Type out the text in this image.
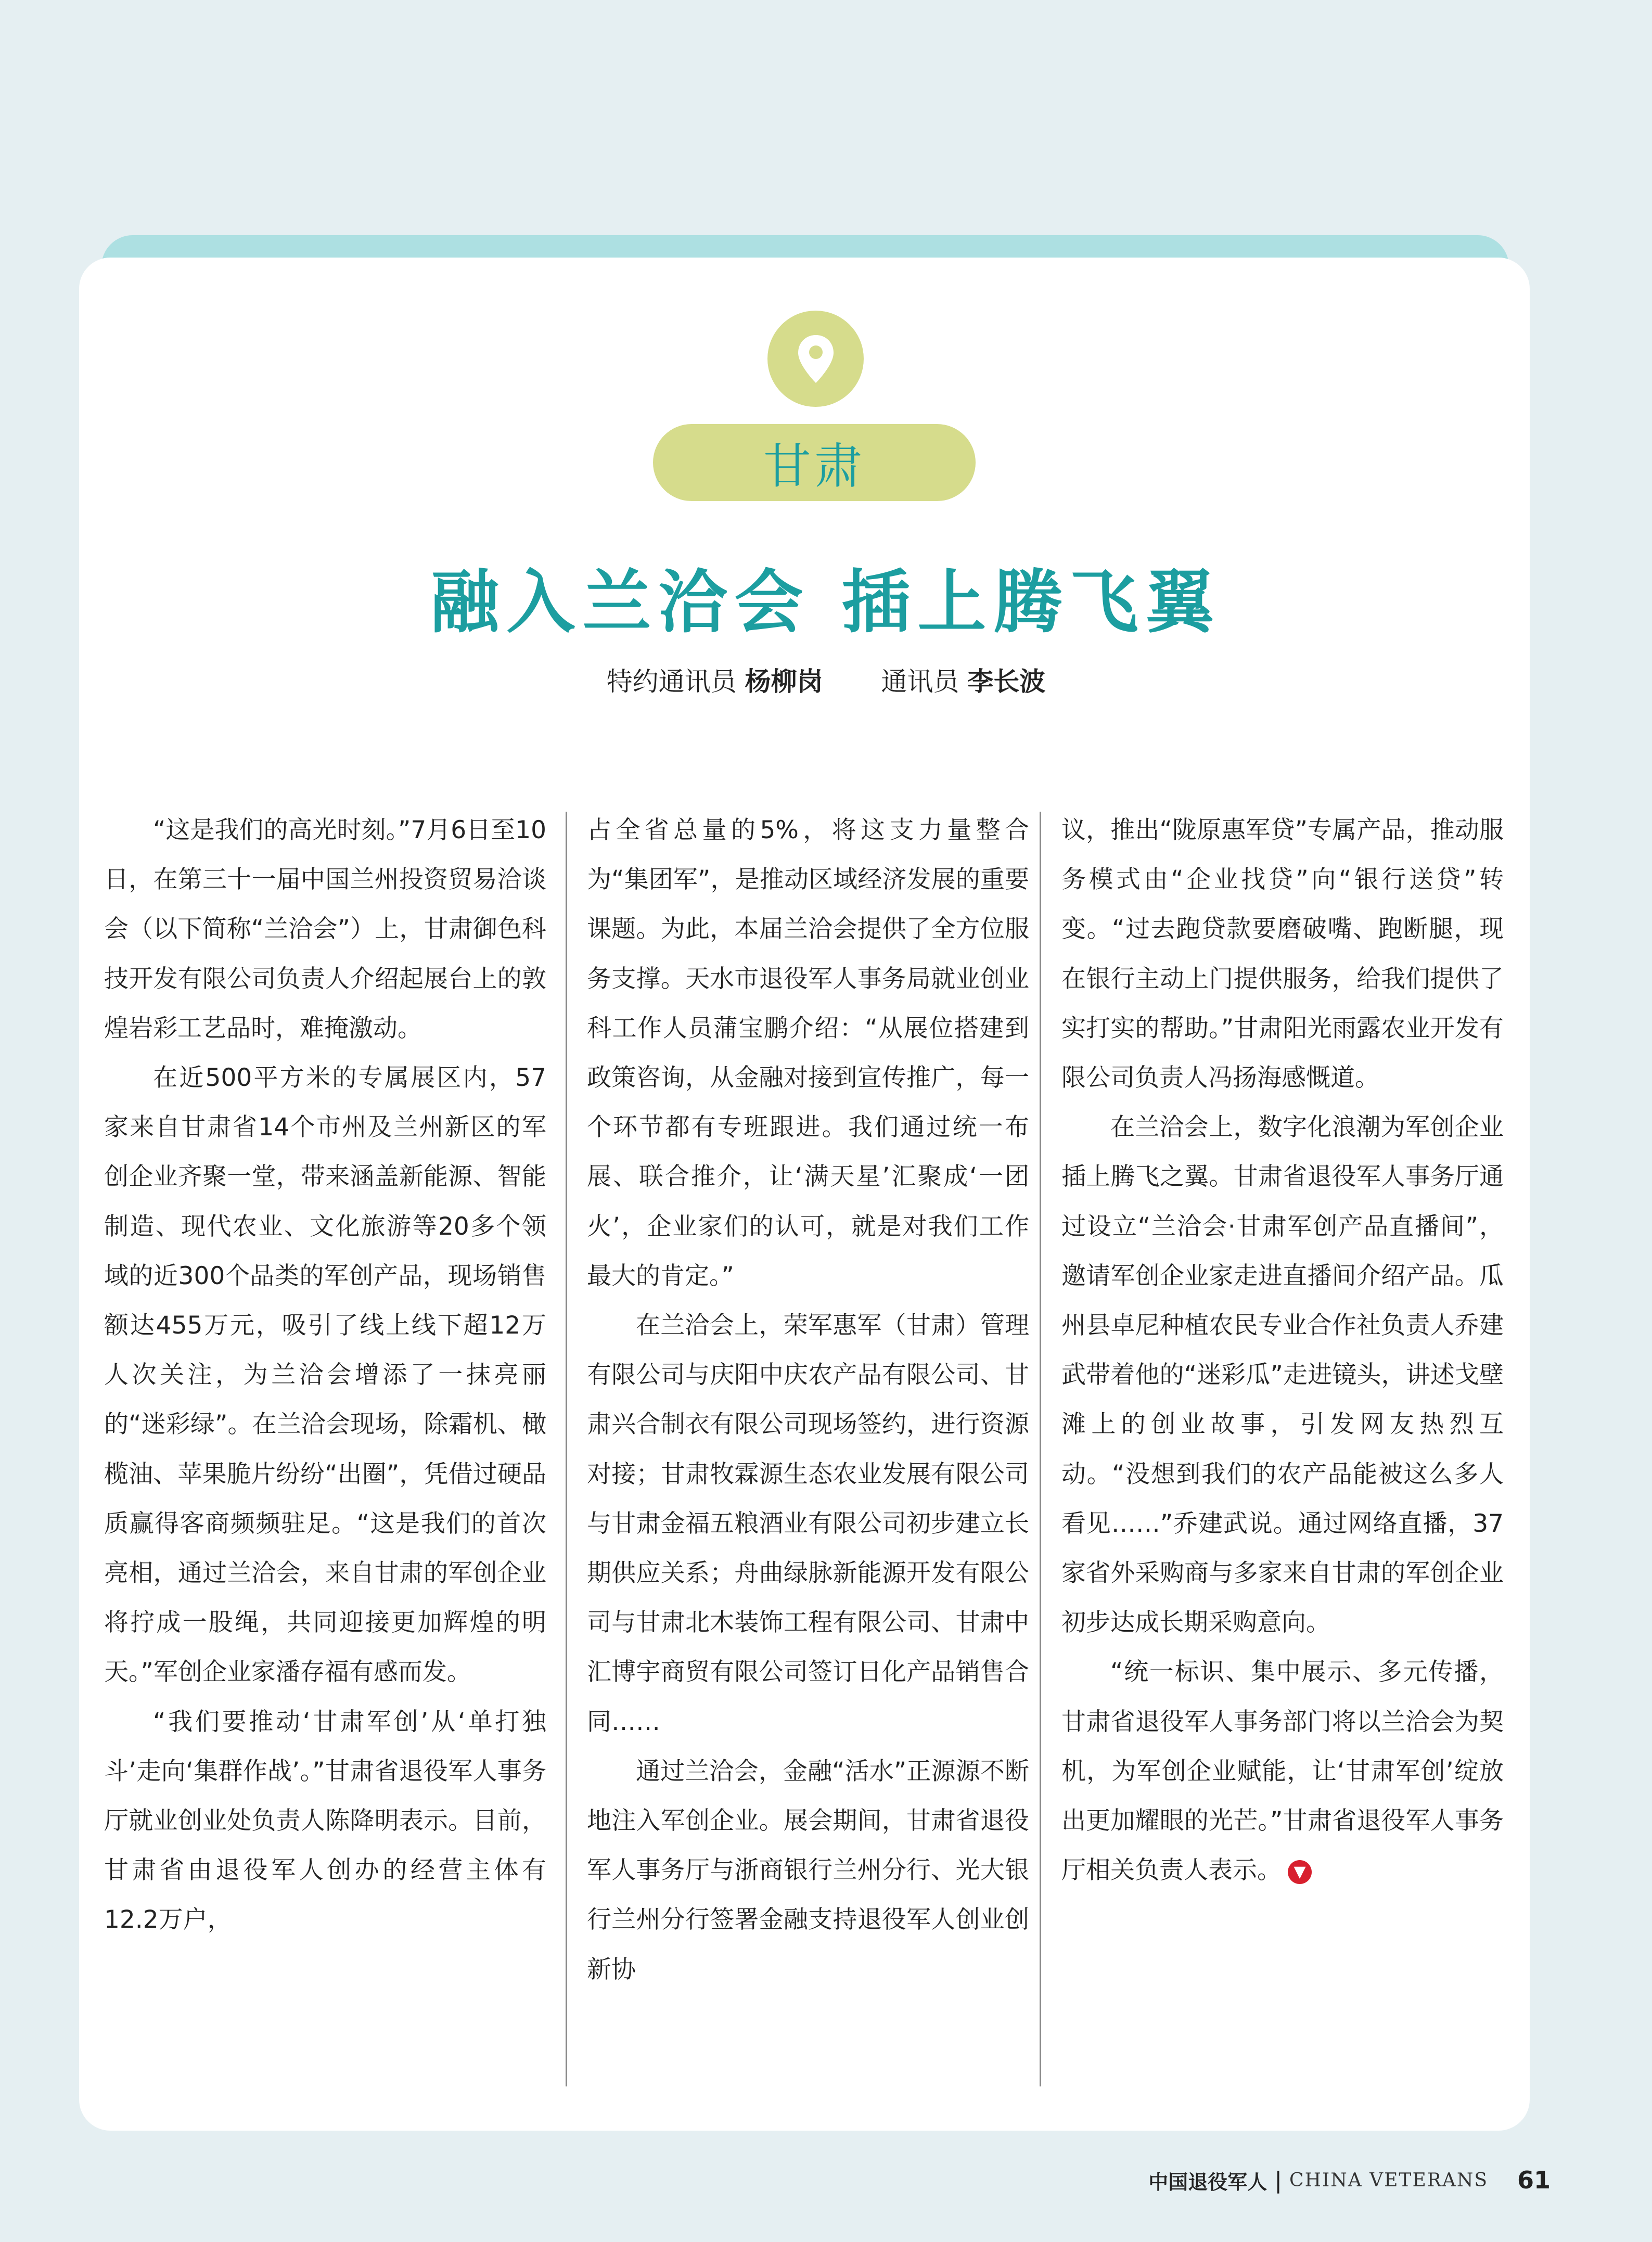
甘肃
融入兰洽会 插上腾飞翼
特约通讯员 杨柳岗 通讯员 李长波

“这是我们的高光时刻。”7月6日至10日，在第三十一届中国兰州投资贸易洽谈会（以下简称“兰洽会”）上，甘肃御色科技开发有限公司负责人介绍起展台上的敦煌岩彩工艺品时，难掩激动。

在近500平方米的专属展区内，57家来自甘肃省14个市州及兰州新区的军创企业齐聚一堂，带来涵盖新能源、智能制造、现代农业、文化旅游等20多个领域的近300个品类的军创产品，现场销售额达455万元，吸引了线上线下超12万人次关注，为兰洽会增添了一抹亮丽的“迷彩绿”。在兰洽会现场，除霜机、橄榄油、苹果脆片纷纷“出圈”，凭借过硬品质赢得客商频频驻足。“这是我们的首次亮相，通过兰洽会，来自甘肃的军创企业将拧成一股绳，共同迎接更加辉煌的明天。”军创企业家潘存福有感而发。

“我们要推动‘甘肃军创’从‘单打独斗’走向‘集群作战’。”甘肃省退役军人事务厅就业创业处负责人陈降明表示。目前，甘肃省由退役军人创办的经营主体有12.2万户，

占全省总量的5%，将这支力量整合为“集团军”，是推动区域经济发展的重要课题。为此，本届兰洽会提供了全方位服务支撑。天水市退役军人事务局就业创业科工作人员蒲宝鹏介绍：“从展位搭建到政策咨询，从金融对接到宣传推广，每一个环节都有专班跟进。我们通过统一布展、联合推介，让‘满天星’汇聚成‘一团火’，企业家们的认可，就是对我们工作最大的肯定。”

在兰洽会上，荣军惠军（甘肃）管理有限公司与庆阳中庆农产品有限公司、甘肃兴合制衣有限公司现场签约，进行资源对接；甘肃牧霖源生态农业发展有限公司与甘肃金福五粮酒业有限公司初步建立长期供应关系；舟曲绿脉新能源开发有限公司与甘肃北木装饰工程有限公司、甘肃中汇博宇商贸有限公司签订日化产品销售合同……

通过兰洽会，金融“活水”正源源不断地注入军创企业。展会期间，甘肃省退役军人事务厅与浙商银行兰州分行、光大银行兰州分行签署金融支持退役军人创业创新协

议，推出“陇原惠军贷”专属产品，推动服务模式由“企业找贷”向“银行送贷”转变。“过去跑贷款要磨破嘴、跑断腿，现在银行主动上门提供服务，给我们提供了实打实的帮助。”甘肃阳光雨露农业开发有限公司负责人冯扬海感慨道。

在兰洽会上，数字化浪潮为军创企业插上腾飞之翼。甘肃省退役军人事务厅通过设立“兰洽会·甘肃军创产品直播间”，邀请军创企业家走进直播间介绍产品。瓜州县卓尼种植农民专业合作社负责人乔建武带着他的“迷彩瓜”走进镜头，讲述戈壁滩上的创业故事，引发网友热烈互动。“没想到我们的农产品能被这么多人看见……”乔建武说。通过网络直播，37家省外采购商与多家来自甘肃的军创企业初步达成长期采购意向。

“统一标识、集中展示、多元传播，甘肃省退役军人事务部门将以兰洽会为契机，为军创企业赋能，让‘甘肃军创’绽放出更加耀眼的光芒。”甘肃省退役军人事务厅相关负责人表示。 ▼

中国退役军人 | CHINA VETERANS 61
